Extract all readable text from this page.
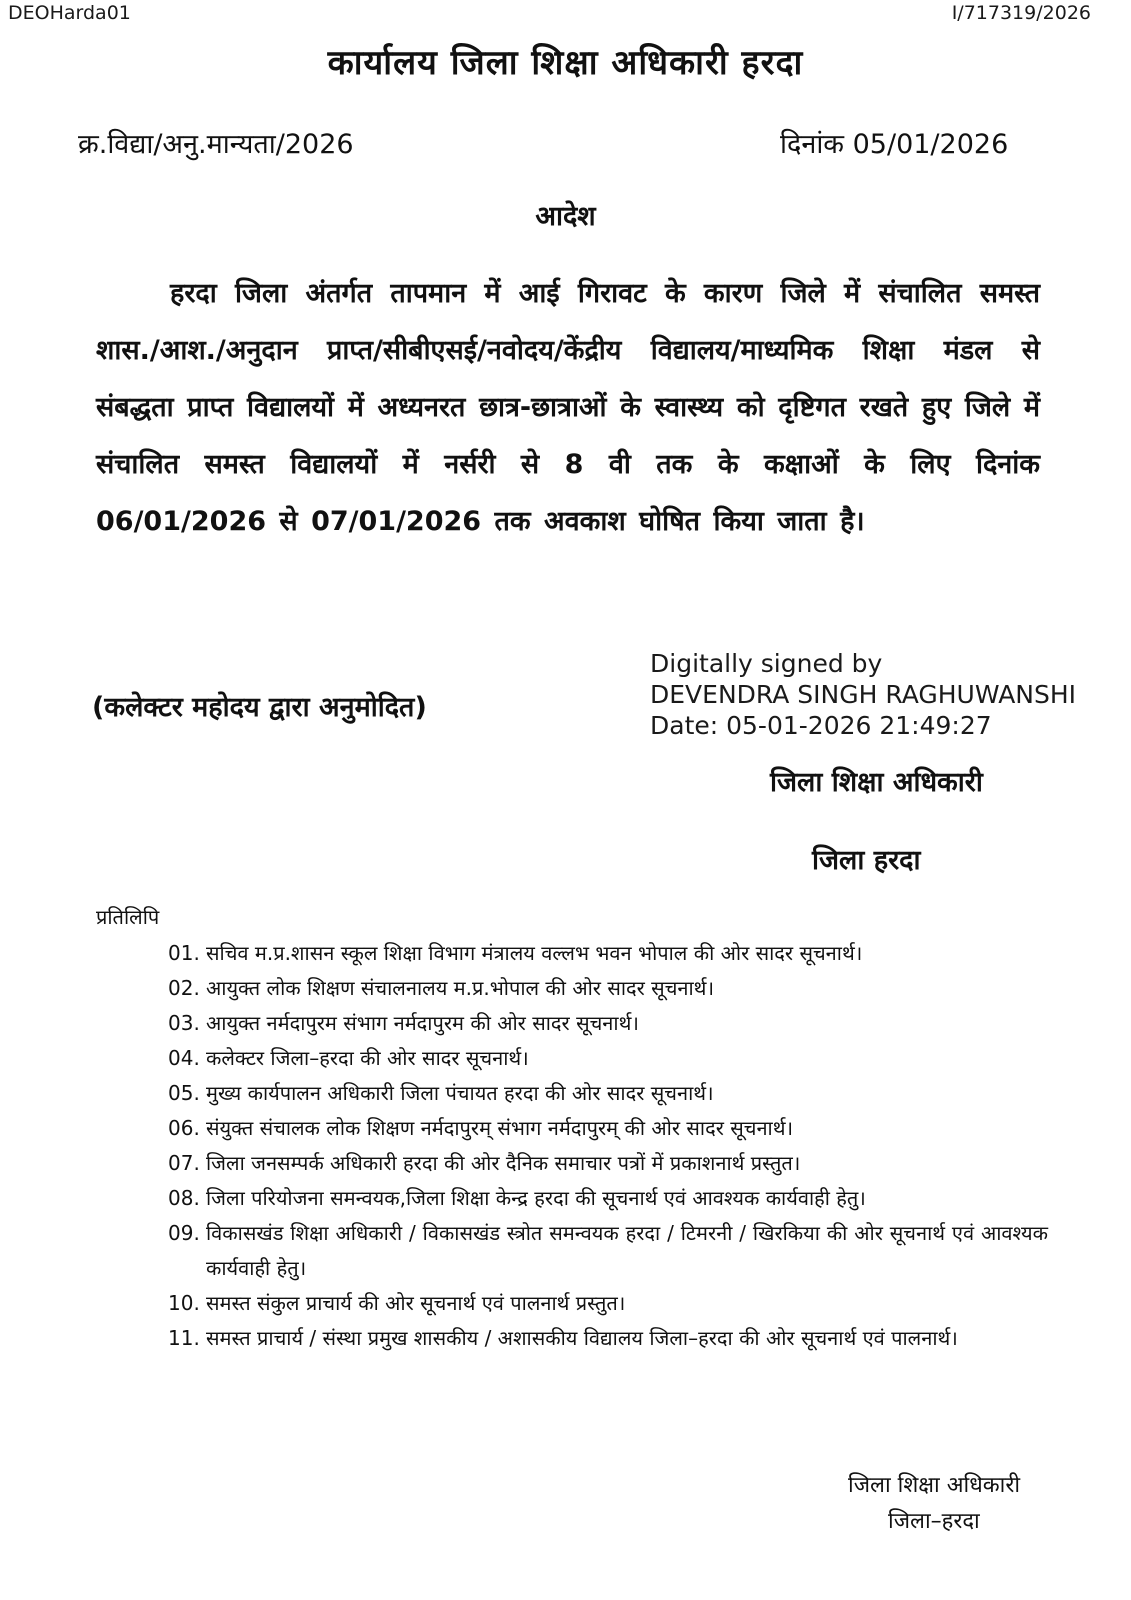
DEOHarda01	I/717319/2026
कार्यालय जिला शिक्षा अधिकारी हरदा
क्र.विद्या/अनु.मान्यता/2026	दिनांक 05/01/2026
आदेश
हरदा जिला अंतर्गत तापमान में आई गिरावट के कारण जिले में संचालित समस्त शास./आश./अनुदान प्राप्त/सीबीएसई/नवोदय/केंद्रीय विद्यालय/माध्यमिक शिक्षा मंडल से संबद्धता प्राप्त विद्यालयों में अध्यनरत छात्र-छात्राओं के स्वास्थ्य को दृष्टिगत रखते हुए जिले में संचालित समस्त विद्यालयों में नर्सरी से 8 वी तक के कक्षाओं के लिए दिनांक 06/01/2026 से 07/01/2026 तक अवकाश घोषित किया जाता है।
(कलेक्टर महोदय द्वारा अनुमोदित)
Digitally signed by
DEVENDRA SINGH RAGHUWANSHI
Date: 05-01-2026 21:49:27
जिला शिक्षा अधिकारी
जिला हरदा
प्रतिलिपि
01. सचिव म.प्र.शासन स्कूल शिक्षा विभाग मंत्रालय वल्लभ भवन भोपाल की ओर सादर सूचनार्थ।
02. आयुक्त लोक शिक्षण संचालनालय म.प्र.भोपाल की ओर सादर सूचनार्थ।
03. आयुक्त नर्मदापुरम संभाग नर्मदापुरम की ओर सादर सूचनार्थ।
04. कलेक्टर जिला–हरदा की ओर सादर सूचनार्थ।
05. मुख्य कार्यपालन अधिकारी जिला पंचायत हरदा की ओर सादर सूचनार्थ।
06. संयुक्त संचालक लोक शिक्षण नर्मदापुरम् संभाग नर्मदापुरम् की ओर सादर सूचनार्थ।
07. जिला जनसम्पर्क अधिकारी हरदा की ओर दैनिक समाचार पत्रों में प्रकाशनार्थ प्रस्तुत।
08. जिला परियोजना समन्वयक,जिला शिक्षा केन्द्र हरदा की सूचनार्थ एवं आवश्यक कार्यवाही हेतु।
09. विकासखंड शिक्षा अधिकारी / विकासखंड स्त्रोत समन्वयक हरदा / टिमरनी / खिरकिया की ओर सूचनार्थ एवं आवश्यक कार्यवाही हेतु।
10. समस्त संकुल प्राचार्य की ओर सूचनार्थ एवं पालनार्थ प्रस्तुत।
11. समस्त प्राचार्य / संस्था प्रमुख शासकीय / अशासकीय विद्यालय जिला–हरदा की ओर सूचनार्थ एवं पालनार्थ।
जिला शिक्षा अधिकारी
जिला–हरदा
